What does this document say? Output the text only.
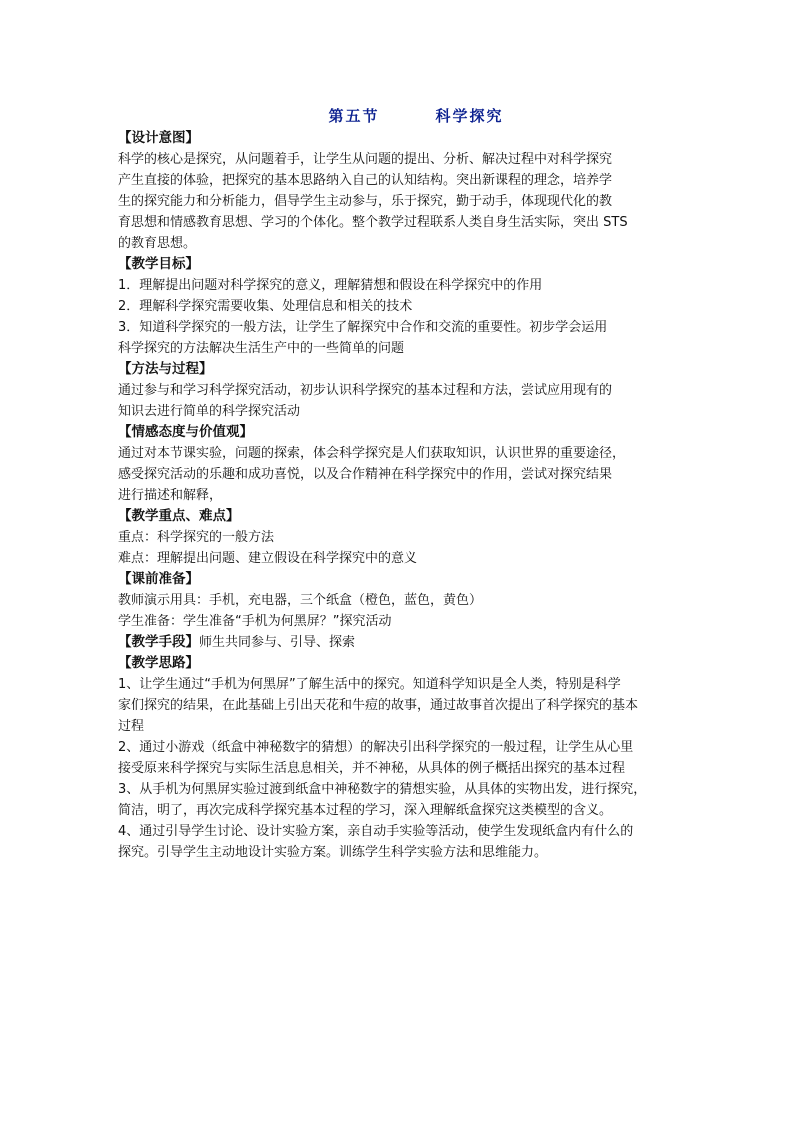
第五节	科学探究
【设计意图】
科学的核心是探究，从问题着手，让学生从问题的提出、分析、解决过程中对科学探究
产生直接的体验，把探究的基本思路纳入自己的认知结构。突出新课程的理念，培养学
生的探究能力和分析能力，倡导学生主动参与，乐于探究，勤于动手，体现现代化的教
育思想和情感教育思想、学习的个体化。整个教学过程联系人类自身生活实际，突出 STS
的教育思想。
【教学目标】
1．理解提出问题对科学探究的意义，理解猜想和假设在科学探究中的作用
2．理解科学探究需要收集、处理信息和相关的技术
3．知道科学探究的一般方法，让学生了解探究中合作和交流的重要性。初步学会运用
科学探究的方法解决生活生产中的一些简单的问题
【方法与过程】
通过参与和学习科学探究活动，初步认识科学探究的基本过程和方法，尝试应用现有的
知识去进行简单的科学探究活动
【情感态度与价值观】
通过对本节课实验，问题的探索，体会科学探究是人们获取知识，认识世界的重要途径，
感受探究活动的乐趣和成功喜悦，以及合作精神在科学探究中的作用，尝试对探究结果
进行描述和解释，
【教学重点、难点】
重点：科学探究的一般方法
难点：理解提出问题、建立假设在科学探究中的意义
【课前准备】
教师演示用具：手机，充电器，三个纸盒（橙色，蓝色，黄色）
学生准备：学生准备“手机为何黑屏？”探究活动
【教学手段】师生共同参与、引导、探索
【教学思路】
1、让学生通过“手机为何黑屏”了解生活中的探究。知道科学知识是全人类，特别是科学
家们探究的结果，在此基础上引出天花和牛痘的故事，通过故事首次提出了科学探究的基本
过程
2、通过小游戏（纸盒中神秘数字的猜想）的解决引出科学探究的一般过程，让学生从心里
接受原来科学探究与实际生活息息相关，并不神秘，从具体的例子概括出探究的基本过程
3、从手机为何黑屏实验过渡到纸盒中神秘数字的猜想实验，从具体的实物出发，进行探究，
简洁，明了，再次完成科学探究基本过程的学习，深入理解纸盒探究这类模型的含义。
4、通过引导学生讨论、设计实验方案，亲自动手实验等活动，使学生发现纸盒内有什么的
探究。引导学生主动地设计实验方案。训练学生科学实验方法和思维能力。
